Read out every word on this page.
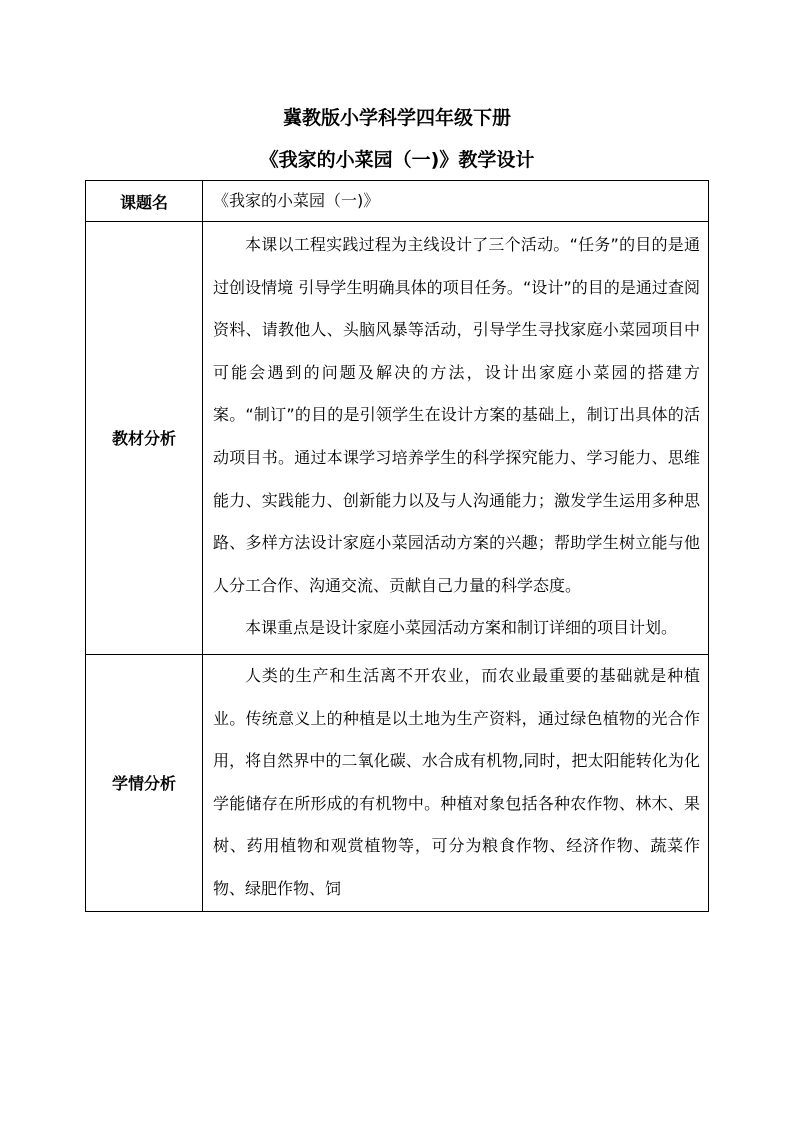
冀教版小学科学四年级下册
《我家的小菜园（一)》教学设计
课题名	《我家的小菜园（一)》
教材分析	本课以工程实践过程为主线设计了三个活动。“任务”的目的是通过创设情境 引导学生明确具体的项目任务。“设计”的目的是通过查阅资料、请教他人、头脑风暴等活动，引导学生寻找家庭小菜园项目中可能会遇到的问题及解决的方法，设计出家庭小菜园的搭建方案。“制订”的目的是引领学生在设计方案的基础上，制订出具体的活动项目书。通过本课学习培养学生的科学探究能力、学习能力、思维能力、实践能力、创新能力以及与人沟通能力；激发学生运用多种思路、多样方法设计家庭小菜园活动方案的兴趣；帮助学生树立能与他人分工合作、沟通交流、贡献自己力量的科学态度。

本课重点是设计家庭小菜园活动方案和制订详细的项目计划。

学情分析	人类的生产和生活离不开农业，而农业最重要的基础就是种植业。传统意义上的种植是以土地为生产资料，通过绿色植物的光合作用，将自然界中的二氧化碳、水合成有机物,同时，把太阳能转化为化学能储存在所形成的有机物中。种植对象包括各种农作物、林木、果树、药用植物和观赏植物等，可分为粮食作物、经济作物、蔬菜作物、绿肥作物、饲
